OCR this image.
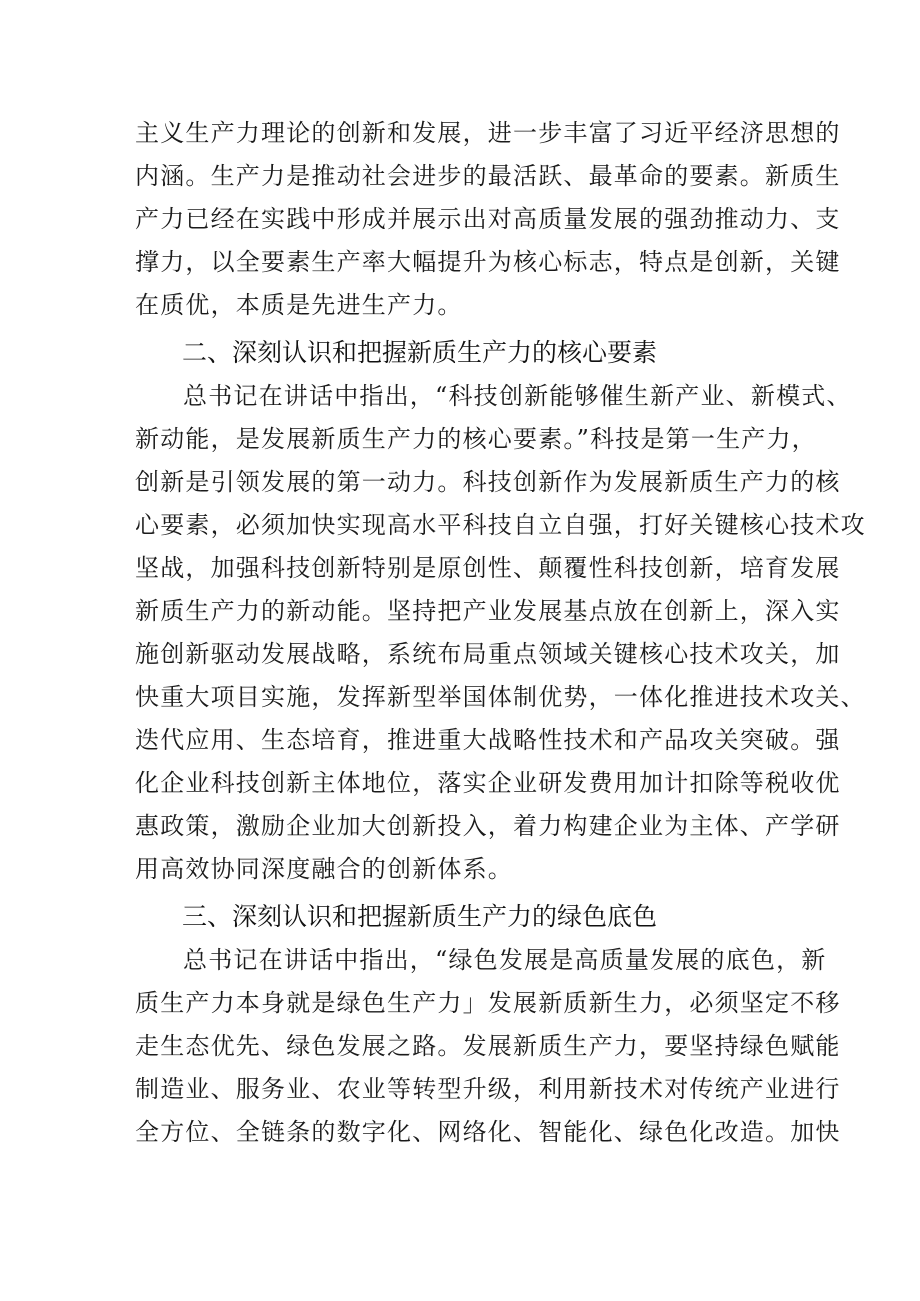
主义生产力理论的创新和发展，进一步丰富了习近平经济思想的
内涵。生产力是推动社会进步的最活跃、最革命的要素。新质生
产力已经在实践中形成并展示出对高质量发展的强劲推动力、支
撑力，以全要素生产率大幅提升为核心标志，特点是创新，关键
在质优，本质是先进生产力。
二、深刻认识和把握新质生产力的核心要素
总书记在讲话中指出，“科技创新能够催生新产业、新模式、
新动能，是发展新质生产力的核心要素。”科技是第一生产力，
创新是引领发展的第一动力。科技创新作为发展新质生产力的核
心要素，必须加快实现高水平科技自立自强，打好关键核心技术攻
坚战，加强科技创新特别是原创性、颠覆性科技创新，培育发展
新质生产力的新动能。坚持把产业发展基点放在创新上，深入实
施创新驱动发展战略，系统布局重点领域关键核心技术攻关，加
快重大项目实施，发挥新型举国体制优势，一体化推进技术攻关、
迭代应用、生态培育，推进重大战略性技术和产品攻关突破。强
化企业科技创新主体地位，落实企业研发费用加计扣除等税收优
惠政策，激励企业加大创新投入，着力构建企业为主体、产学研
用高效协同深度融合的创新体系。
三、深刻认识和把握新质生产力的绿色底色
总书记在讲话中指出，“绿色发展是高质量发展的底色，新
质生产力本身就是绿色生产力」发展新质新生力，必须坚定不移
走生态优先、绿色发展之路。发展新质生产力，要坚持绿色赋能
制造业、服务业、农业等转型升级，利用新技术对传统产业进行
全方位、全链条的数字化、网络化、智能化、绿色化改造。加快
